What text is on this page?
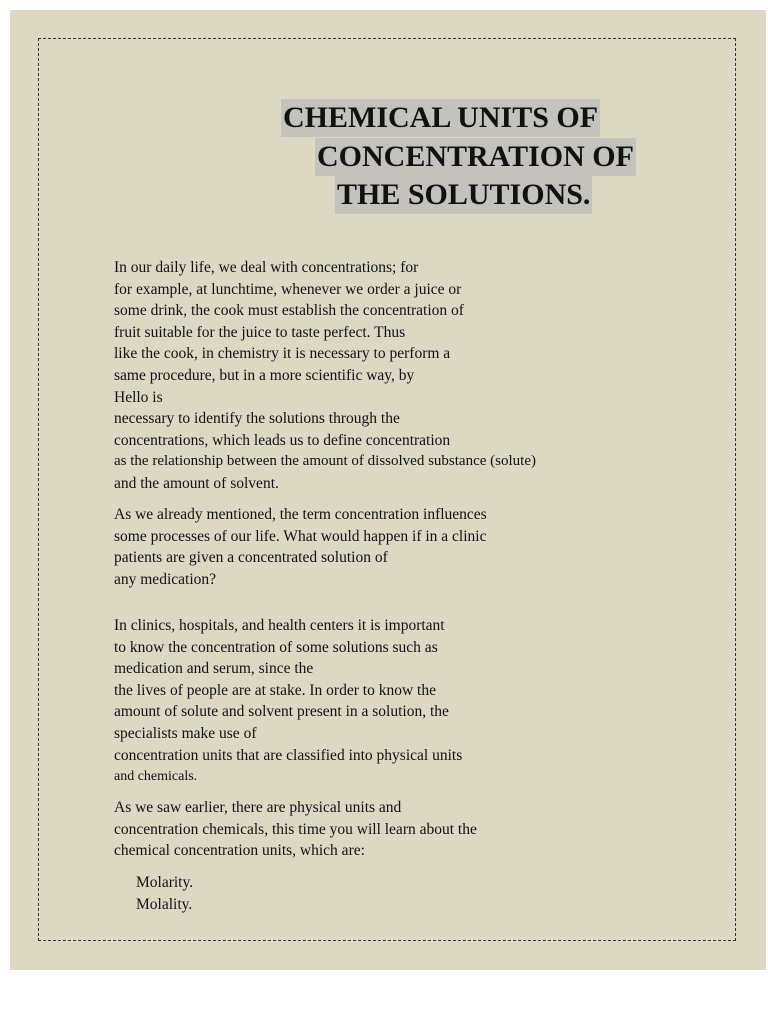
CHEMICAL UNITS OF
CONCENTRATION OF
THE SOLUTIONS.
In our daily life, we deal with concentrations; for
for example, at lunchtime, whenever we order a juice or
some drink, the cook must establish the concentration of
fruit suitable for the juice to taste perfect. Thus
like the cook, in chemistry it is necessary to perform a
same procedure, but in a more scientific way, by
Hello is
necessary to identify the solutions through the
concentrations, which leads us to define concentration
as the relationship between the amount of dissolved substance (solute)
and the amount of solvent.
As we already mentioned, the term concentration influences
some processes of our life. What would happen if in a clinic
patients are given a concentrated solution of
any medication?
In clinics, hospitals, and health centers it is important
to know the concentration of some solutions such as
medication and serum, since the
the lives of people are at stake. In order to know the
amount of solute and solvent present in a solution, the
specialists make use of
concentration units that are classified into physical units
and chemicals.
As we saw earlier, there are physical units and
concentration chemicals, this time you will learn about the
chemical concentration units, which are:
Molarity.
Molality.
